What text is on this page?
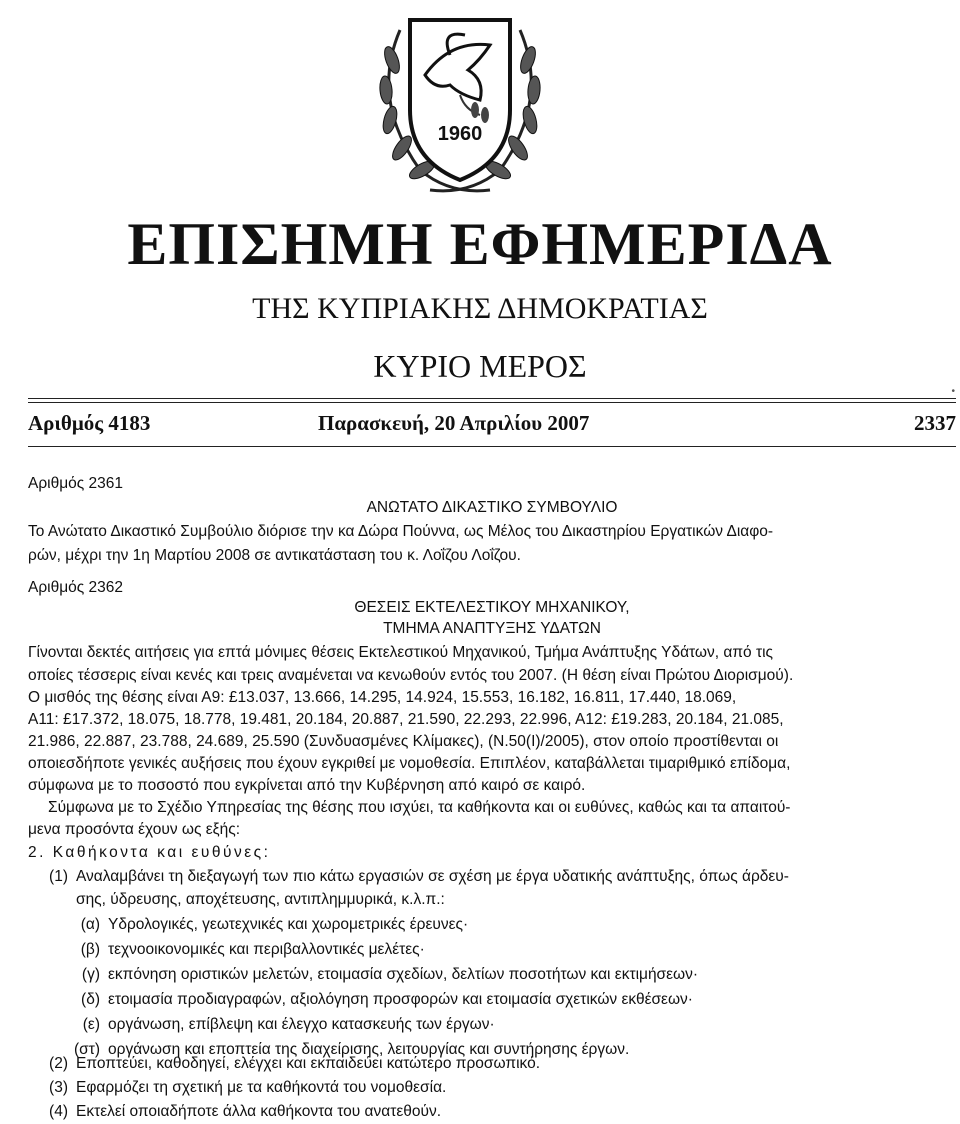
1960
ΕΠΙΣΗΜΗ ΕΦΗΜΕΡΙΔΑ
ΤΗΣ ΚΥΠΡΙΑΚΗΣ ΔΗΜΟΚΡΑΤΙΑΣ
ΚΥΡΙΟ ΜΕΡΟΣ
•
Αριθμός 4183	Παρασκευή, 20 Απριλίου 2007	2337
Αριθμός 2361
ΑΝΩΤΑΤΟ ΔΙΚΑΣΤΙΚΟ ΣΥΜΒΟΥΛΙΟ
Το Ανώτατο Δικαστικό Συμβούλιο διόρισε την κα Δώρα Πούννα, ως Μέλος του Δικαστηρίου Εργατικών Διαφο-
ρών, μέχρι την 1η Μαρτίου 2008 σε αντικατάσταση του κ. Λοΐζου Λοΐζου.
Αριθμός 2362
ΘΕΣΕΙΣ ΕΚΤΕΛΕΣΤΙΚΟΥ ΜΗΧΑΝΙΚΟΥ,
ΤΜΗΜΑ ΑΝΑΠΤΥΞΗΣ ΥΔΑΤΩΝ
Γίνονται δεκτές αιτήσεις για επτά μόνιμες θέσεις Εκτελεστικού Μηχανικού, Τμήμα Ανάπτυξης Υδάτων, από τις
οποίες τέσσερις είναι κενές και τρεις αναμένεται να κενωθούν εντός του 2007. (Η θέση είναι Πρώτου Διορισμού).
Ο μισθός της θέσης είναι Α9: £13.037, 13.666, 14.295, 14.924, 15.553, 16.182, 16.811, 17.440, 18.069,
Α11: £17.372, 18.075, 18.778, 19.481, 20.184, 20.887, 21.590, 22.293, 22.996, Α12: £19.283, 20.184, 21.085,
21.986, 22.887, 23.788, 24.689, 25.590 (Συνδυασμένες Κλίμακες), (Ν.50(Ι)/2005), στον οποίο προστίθενται οι
οποιεσδήποτε γενικές αυξήσεις που έχουν εγκριθεί με νομοθεσία. Επιπλέον, καταβάλλεται τιμαριθμικό επίδομα,
σύμφωνα με το ποσοστό που εγκρίνεται από την Κυβέρνηση από καιρό σε καιρό.
Σύμφωνα με το Σχέδιο Υπηρεσίας της θέσης που ισχύει, τα καθήκοντα και οι ευθύνες, καθώς και τα απαιτού-
μενα προσόντα έχουν ως εξής:
2. Καθήκοντα και ευθύνες:
(1) Αναλαμβάνει τη διεξαγωγή των πιο κάτω εργασιών σε σχέση με έργα υδατικής ανάπτυξης, όπως άρδευ-
σης, ύδρευσης, αποχέτευσης, αντιπλημμυρικά, κ.λ.π.:
(α) Υδρολογικές, γεωτεχνικές και χωρομετρικές έρευνες·
(β) τεχνοοικονομικές και περιβαλλοντικές μελέτες·
(γ) εκπόνηση οριστικών μελετών, ετοιμασία σχεδίων, δελτίων ποσοτήτων και εκτιμήσεων·
(δ) ετοιμασία προδιαγραφών, αξιολόγηση προσφορών και ετοιμασία σχετικών εκθέσεων·
(ε) οργάνωση, επίβλεψη και έλεγχο κατασκευής των έργων·
(στ) οργάνωση και εποπτεία της διαχείρισης, λειτουργίας και συντήρησης έργων.
(2) Εποπτεύει, καθοδηγεί, ελέγχει και εκπαιδεύει κατώτερο προσωπικό.
(3) Εφαρμόζει τη σχετική με τα καθήκοντά του νομοθεσία.
(4) Εκτελεί οποιαδήποτε άλλα καθήκοντα του ανατεθούν.
